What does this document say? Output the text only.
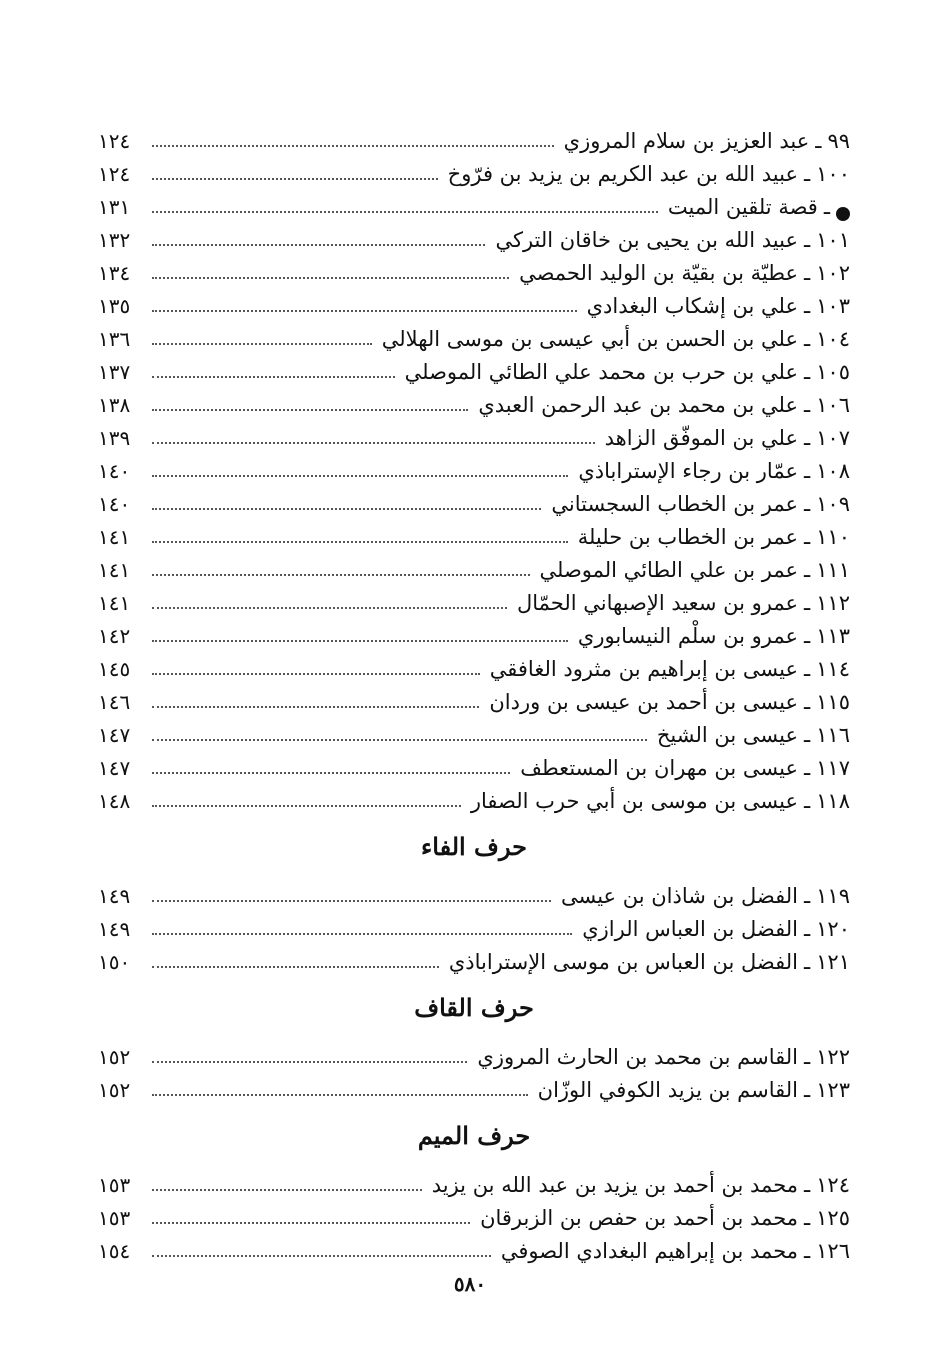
٩٩
ـ
عبد العزيز بن سلام المروزي
١٢٤
١٠٠
ـ
عبيد الله بن عبد الكريم بن يزيد بن فرّوخ
١٢٤
ـ
قصة تلقين الميت
١٣١
١٠١
ـ
عبيد الله بن يحيى بن خاقان التركي
١٣٢
١٠٢
ـ
عطيّة بن بقيّة بن الوليد الحمصي
١٣٤
١٠٣
ـ
علي بن إشكاب البغدادي
١٣٥
١٠٤
ـ
علي بن الحسن بن أبي عيسى بن موسى الهلالي
١٣٦
١٠٥
ـ
علي بن حرب بن محمد علي الطائي الموصلي
١٣٧
١٠٦
ـ
علي بن محمد بن عبد الرحمن العبدي
١٣٨
١٠٧
ـ
علي بن الموفّق الزاهد
١٣٩
١٠٨
ـ
عمّار بن رجاء الإستراباذي
١٤٠
١٠٩
ـ
عمر بن الخطاب السجستاني
١٤٠
١١٠
ـ
عمر بن الخطاب بن حليلة
١٤١
١١١
ـ
عمر بن علي الطائي الموصلي
١٤١
١١٢
ـ
عمرو بن سعيد الإصبهاني الحمّال
١٤١
١١٣
ـ
عمرو بن سلْم النيسابوري
١٤٢
١١٤
ـ
عيسى بن إبراهيم بن مثرود الغافقي
١٤٥
١١٥
ـ
عيسى بن أحمد بن عيسى بن وردان
١٤٦
١١٦
ـ
عيسى بن الشيخ
١٤٧
١١٧
ـ
عيسى بن مهران بن المستعطف
١٤٧
١١٨
ـ
عيسى بن موسى بن أبي حرب الصفار
١٤٨
حرف الفاء
١١٩
ـ
الفضل بن شاذان بن عيسى
١٤٩
١٢٠
ـ
الفضل بن العباس الرازي
١٤٩
١٢١
ـ
الفضل بن العباس بن موسى الإستراباذي
١٥٠
حرف القاف
١٢٢
ـ
القاسم بن محمد بن الحارث المروزي
١٥٢
١٢٣
ـ
القاسم بن يزيد الكوفي الوزّان
١٥٢
حرف الميم
١٢٤
ـ
محمد بن أحمد بن يزيد بن عبد الله بن يزيد
١٥٣
١٢٥
ـ
محمد بن أحمد بن حفص بن الزبرقان
١٥٣
١٢٦
ـ
محمد بن إبراهيم البغدادي الصوفي
١٥٤
٥٨٠
